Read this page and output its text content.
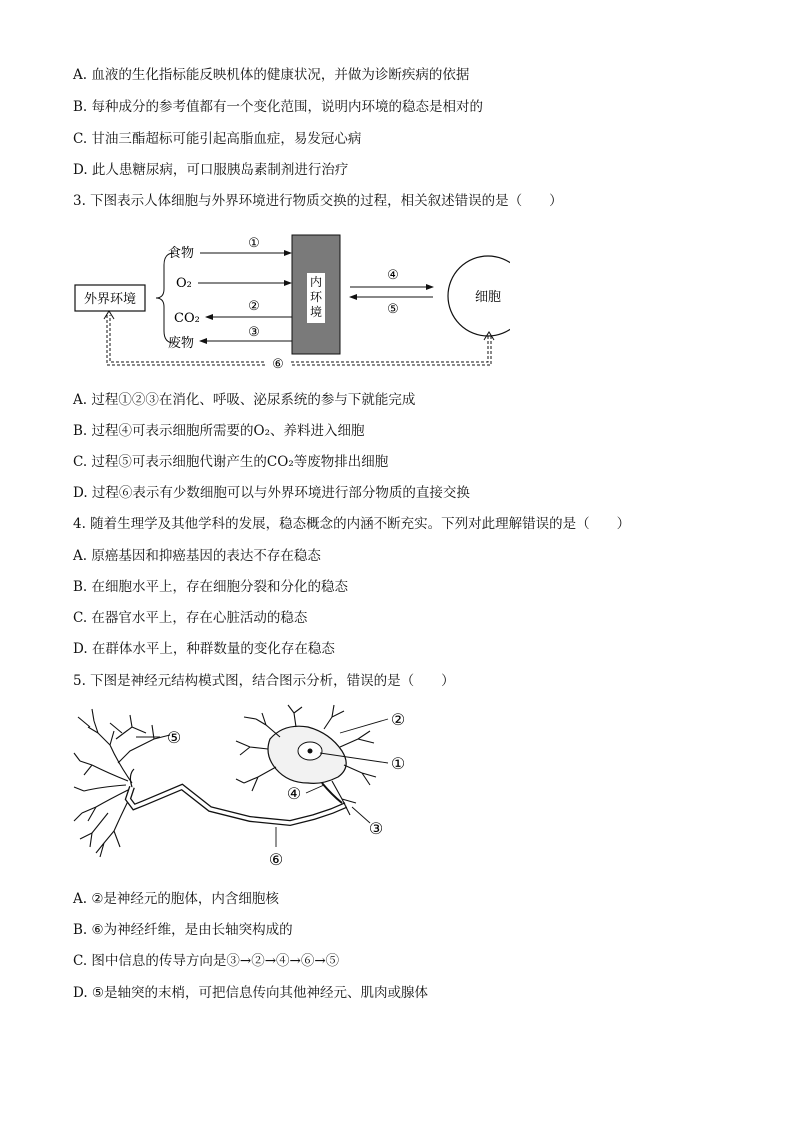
A. 血液的生化指标能反映机体的健康状况，并做为诊断疾病的依据
B. 每种成分的参考值都有一个变化范围，说明内环境的稳态是相对的
C. 甘油三酯超标可能引起高脂血症，易发冠心病
D. 此人患糖尿病，可口服胰岛素制剂进行治疗
3. 下图表示人体细胞与外界环境进行物质交换的过程，相关叙述错误的是（　　）
外界环境
食物
O₂
CO₂
废物
①
②
③
内
环
境
④
⑤
细胞
⑥
A. 过程①②③在消化、呼吸、泌尿系统的参与下就能完成
B. 过程④可表示细胞所需要的O₂、养料进入细胞
C. 过程⑤可表示细胞代谢产生的CO₂等废物排出细胞
D. 过程⑥表示有少数细胞可以与外界环境进行部分物质的直接交换
4. 随着生理学及其他学科的发展，稳态概念的内涵不断充实。下列对此理解错误的是（　　）
A. 原癌基因和抑癌基因的表达不存在稳态
B. 在细胞水平上，存在细胞分裂和分化的稳态
C. 在器官水平上，存在心脏活动的稳态
D. 在群体水平上，种群数量的变化存在稳态
5. 下图是神经元结构模式图，结合图示分析，错误的是（　　）
①
②
③
④
⑤
⑥
A. ②是神经元的胞体，内含细胞核
B. ⑥为神经纤维，是由长轴突构成的
C. 图中信息的传导方向是③→②→④→⑥→⑤
D. ⑤是轴突的末梢，可把信息传向其他神经元、肌肉或腺体
